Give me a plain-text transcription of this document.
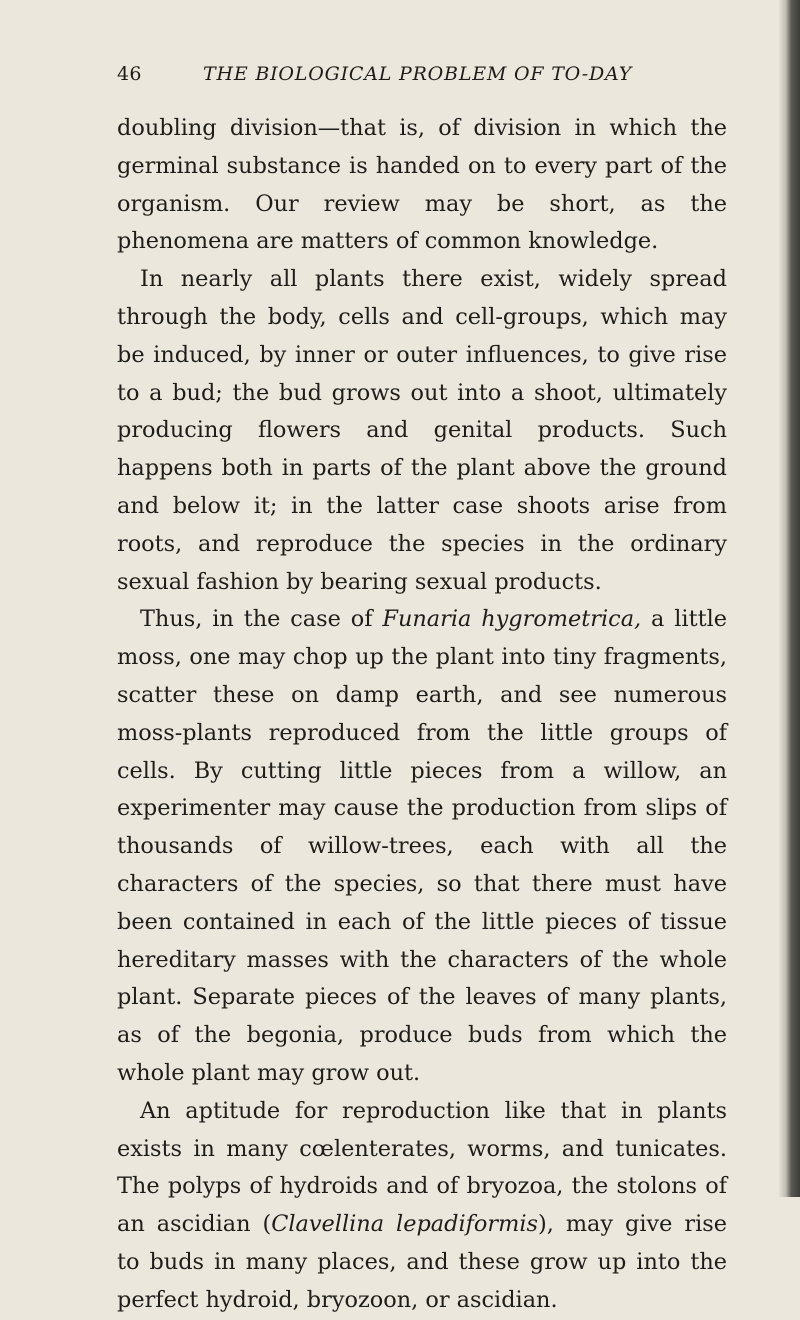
46	THE BIOLOGICAL PROBLEM OF TO-DAY

doubling division—that is, of division in which the germinal substance is handed on to every part of the organism. Our review may be short, as the phenomena are matters of common knowledge.

In nearly all plants there exist, widely spread through the body, cells and cell-groups, which may be induced, by inner or outer influences, to give rise to a bud; the bud grows out into a shoot, ultimately producing flowers and genital products. Such happens both in parts of the plant above the ground and below it; in the latter case shoots arise from roots, and reproduce the species in the ordinary sexual fashion by bearing sexual products.

Thus, in the case of Funaria hygrometrica, a little moss, one may chop up the plant into tiny fragments, scatter these on damp earth, and see numerous moss-plants reproduced from the little groups of cells. By cutting little pieces from a willow, an experimenter may cause the production from slips of thousands of willow-trees, each with all the characters of the species, so that there must have been contained in each of the little pieces of tissue hereditary masses with the characters of the whole plant. Separate pieces of the leaves of many plants, as of the begonia, produce buds from which the whole plant may grow out.

An aptitude for reproduction like that in plants exists in many cœlenterates, worms, and tunicates. The polyps of hydroids and of bryozoa, the stolons of an ascidian (Clavellina lepadiformis), may give rise to buds in many places, and these grow up into the perfect hydroid, bryozoon, or ascidian.
